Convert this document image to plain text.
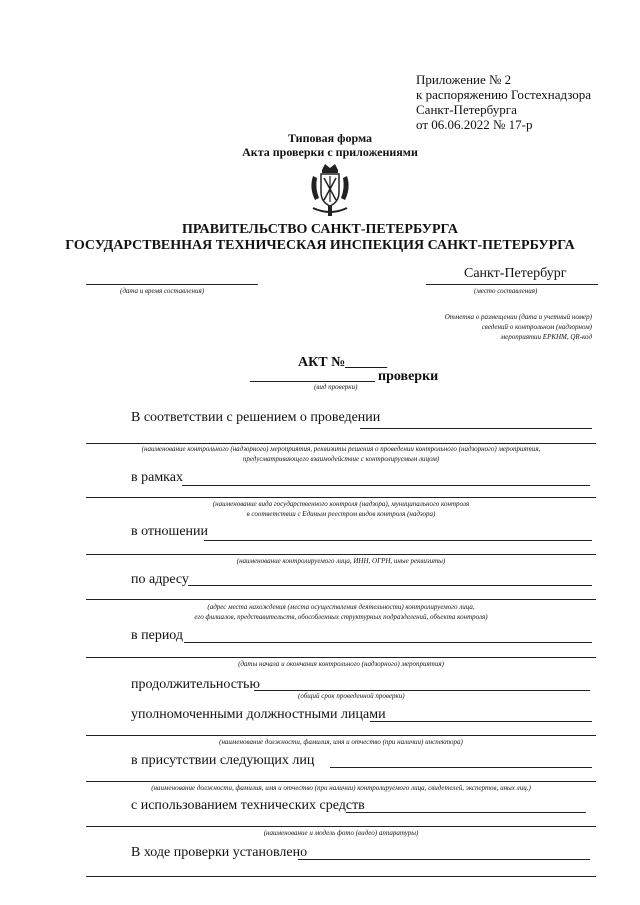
Приложение № 2
к распоряжению Гостехнадзора
Санкт-Петербурга
от 06.06.2022 № 17-р
Типовая форма
Акта проверки с приложениями
ПРАВИТЕЛЬСТВО САНКТ-ПЕТЕРБУРГА
ГОСУДАРСТВЕННАЯ ТЕХНИЧЕСКАЯ ИНСПЕКЦИЯ САНКТ-ПЕТЕРБУРГА
(дата и время составления)
Санкт-Петербург
(место составления)
Отметка о размещении (дата и учетный номер)
сведений о контрольном (надзорном)
мероприятии ЕРКНМ, QR-код
АКТ №______
проверки
(вид проверки)
В соответствии с решением о проведении
(наименование контрольного (надзорного) мероприятия, реквизиты решения о проведении контрольного (надзорного) мероприятия,
предусматривающего взаимодействие с контролируемым лицом)
в рамках
(наименование вида государственного контроля (надзора), муниципального контроля
в соответствии с Единым реестром видов контроля (надзора)
в отношении
(наименование контролируемого лица, ИНН, ОГРН, иные реквизиты)
по адресу
(адрес места нахождения (места осуществления деятельности) контролируемого лица,
его филиалов, представительств, обособленных структурных подразделений, объекта контроля)
в период
(даты начала и окончания контрольного (надзорного) мероприятия)
продолжительностью
(общий срок проведенной проверки)
уполномоченными должностными лицами
(наименование должности, фамилия, имя и отчество (при наличии) инспектора)
в присутствии следующих лиц
(наименование должности, фамилия, имя и отчество (при наличии) контролируемого лица, свидетелей, экспертов, иных лиц.)
с использованием технических средств
(наименование и модель фото (видео) аппаратуры)
В ходе проверки установлено
